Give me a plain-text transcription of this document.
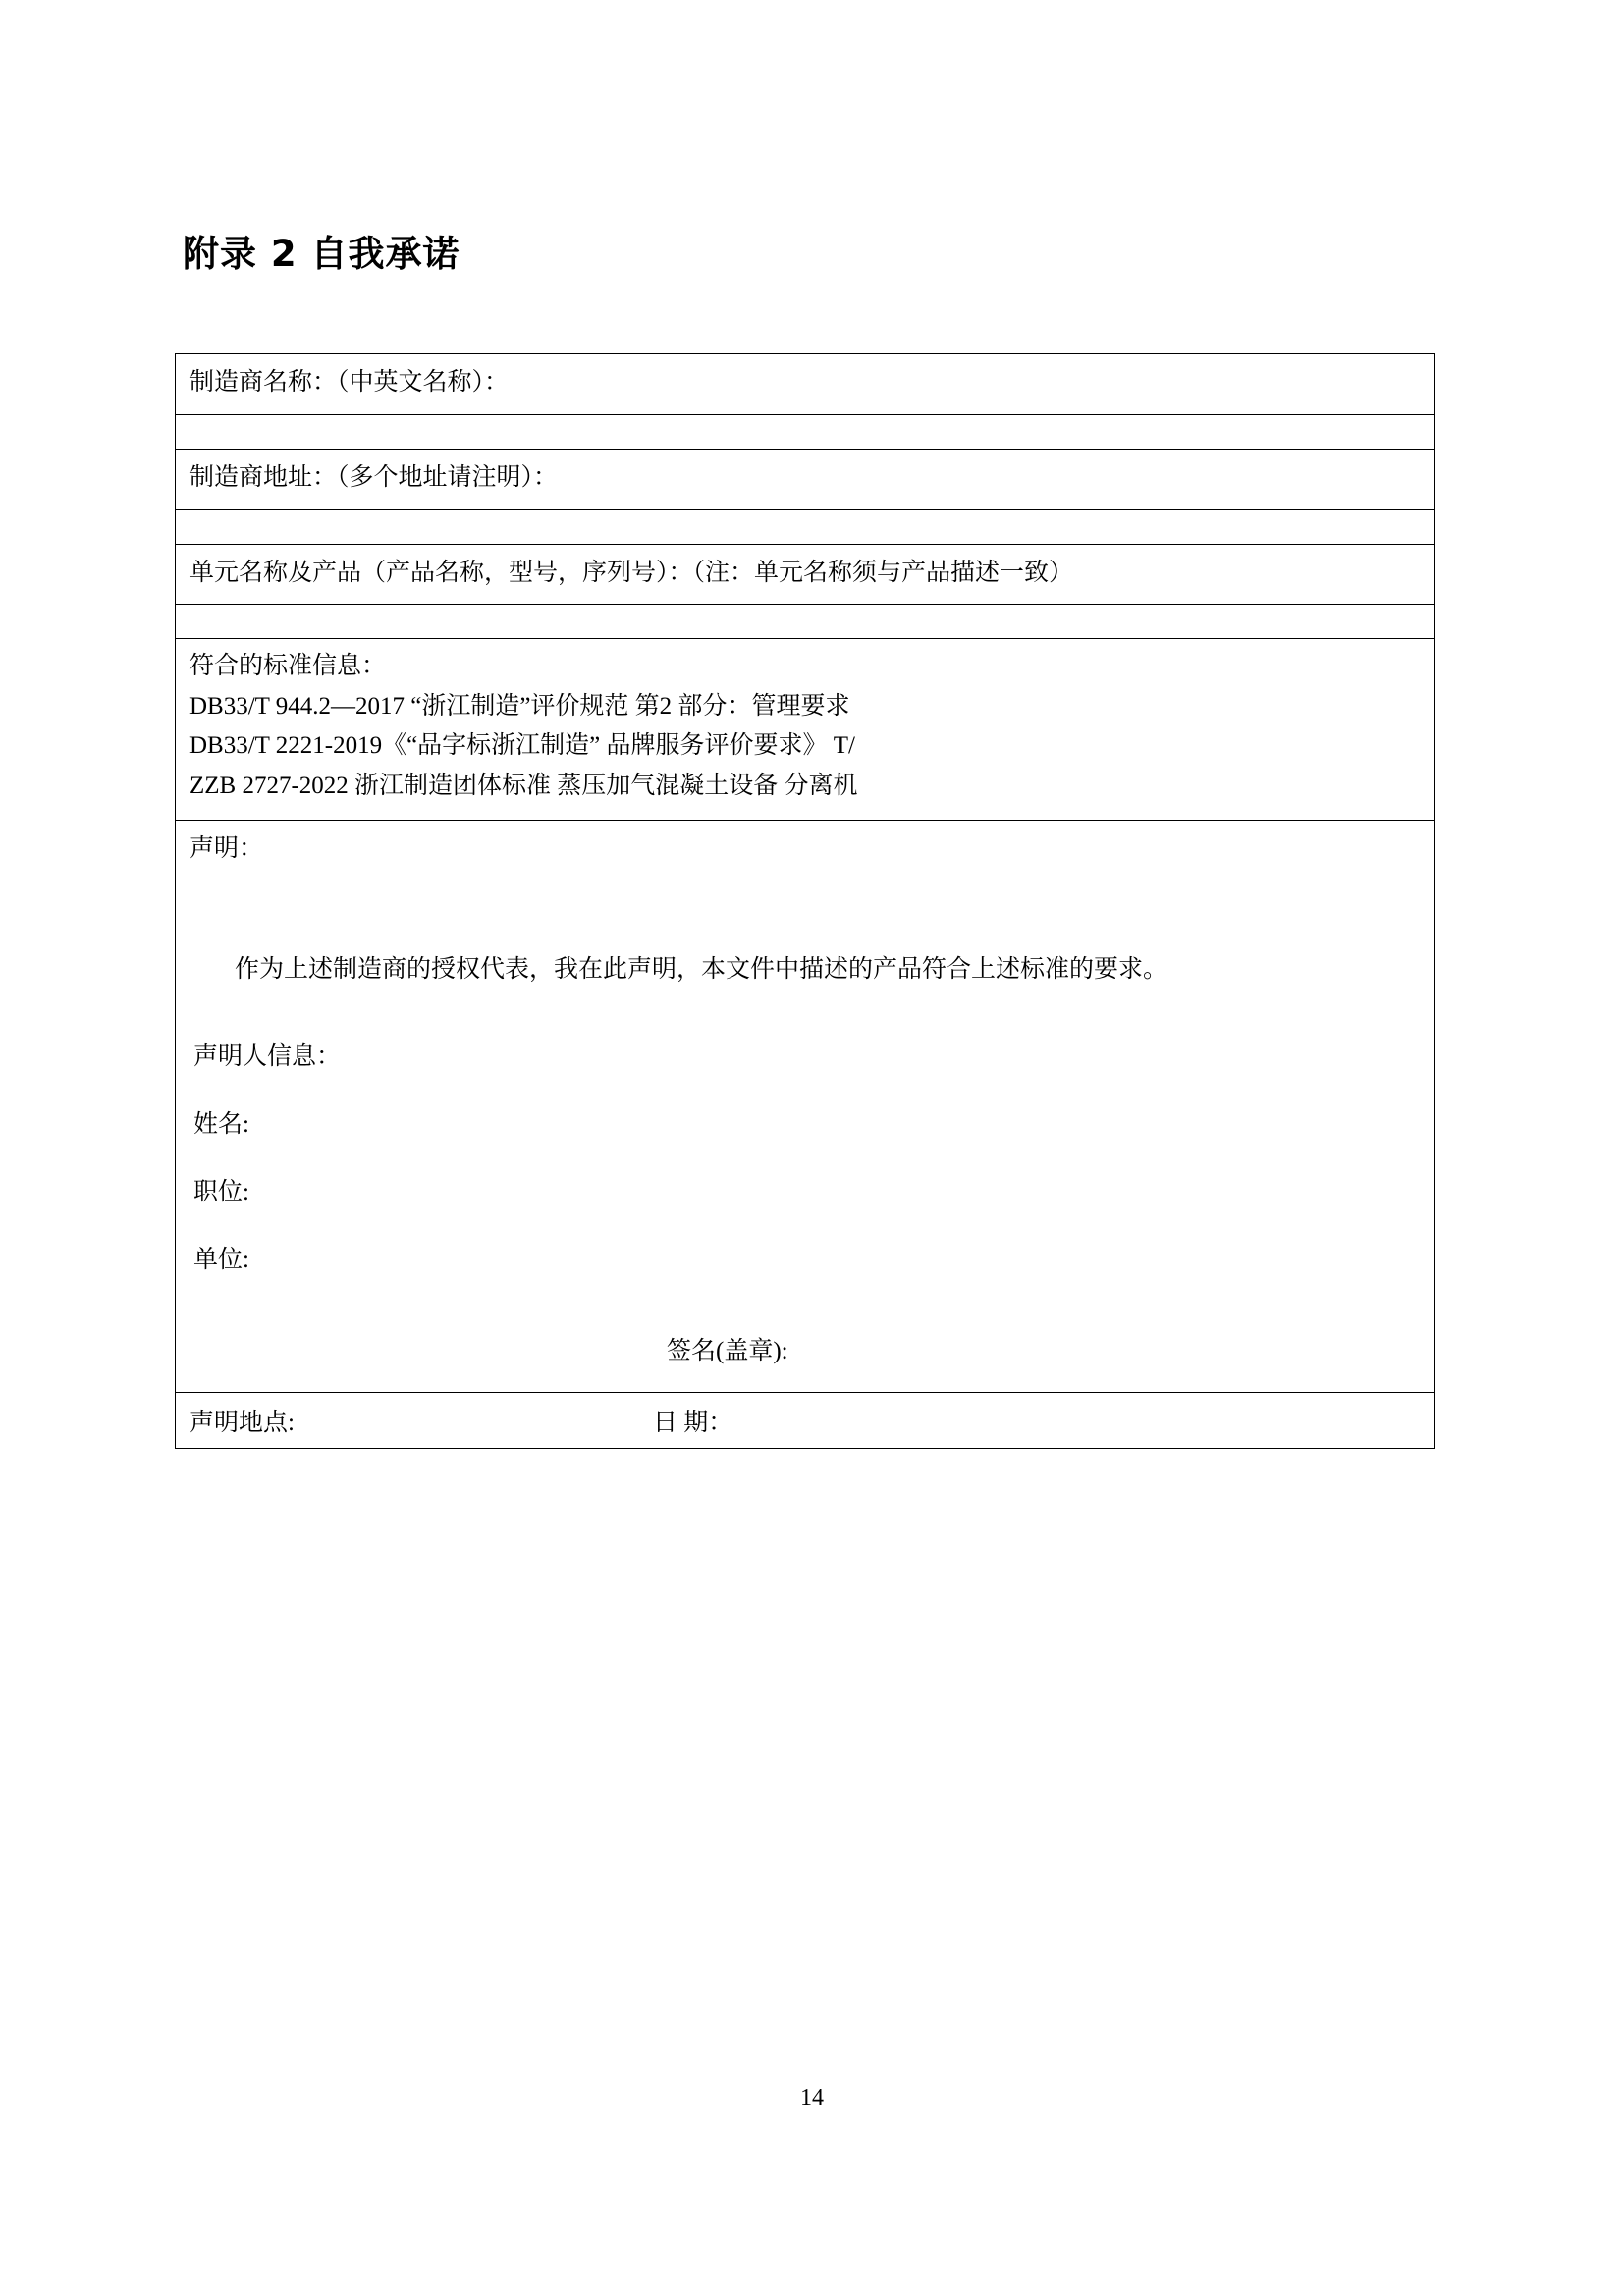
附录 2 自我承诺
制造商名称：（中英文名称）：

制造商地址：（多个地址请注明）：

单元名称及产品（产品名称，型号，序列号）：（注：单元名称须与产品描述一致）

符合的标准信息：
DB33/T 944.2—2017 “浙江制造”评价规范 第2 部分：管理要求
DB33/T 2221-2019《“品字标浙江制造” 品牌服务评价要求》 T/
ZZB 2727-2022 浙江制造团体标准 蒸压加气混凝土设备 分离机

声明：

作为上述制造商的授权代表，我在此声明，本文件中描述的产品符合上述标准的要求。
声明人信息：
姓名:
职位:
单位:
签名(盖章):

声明地点:	日 期：
14
